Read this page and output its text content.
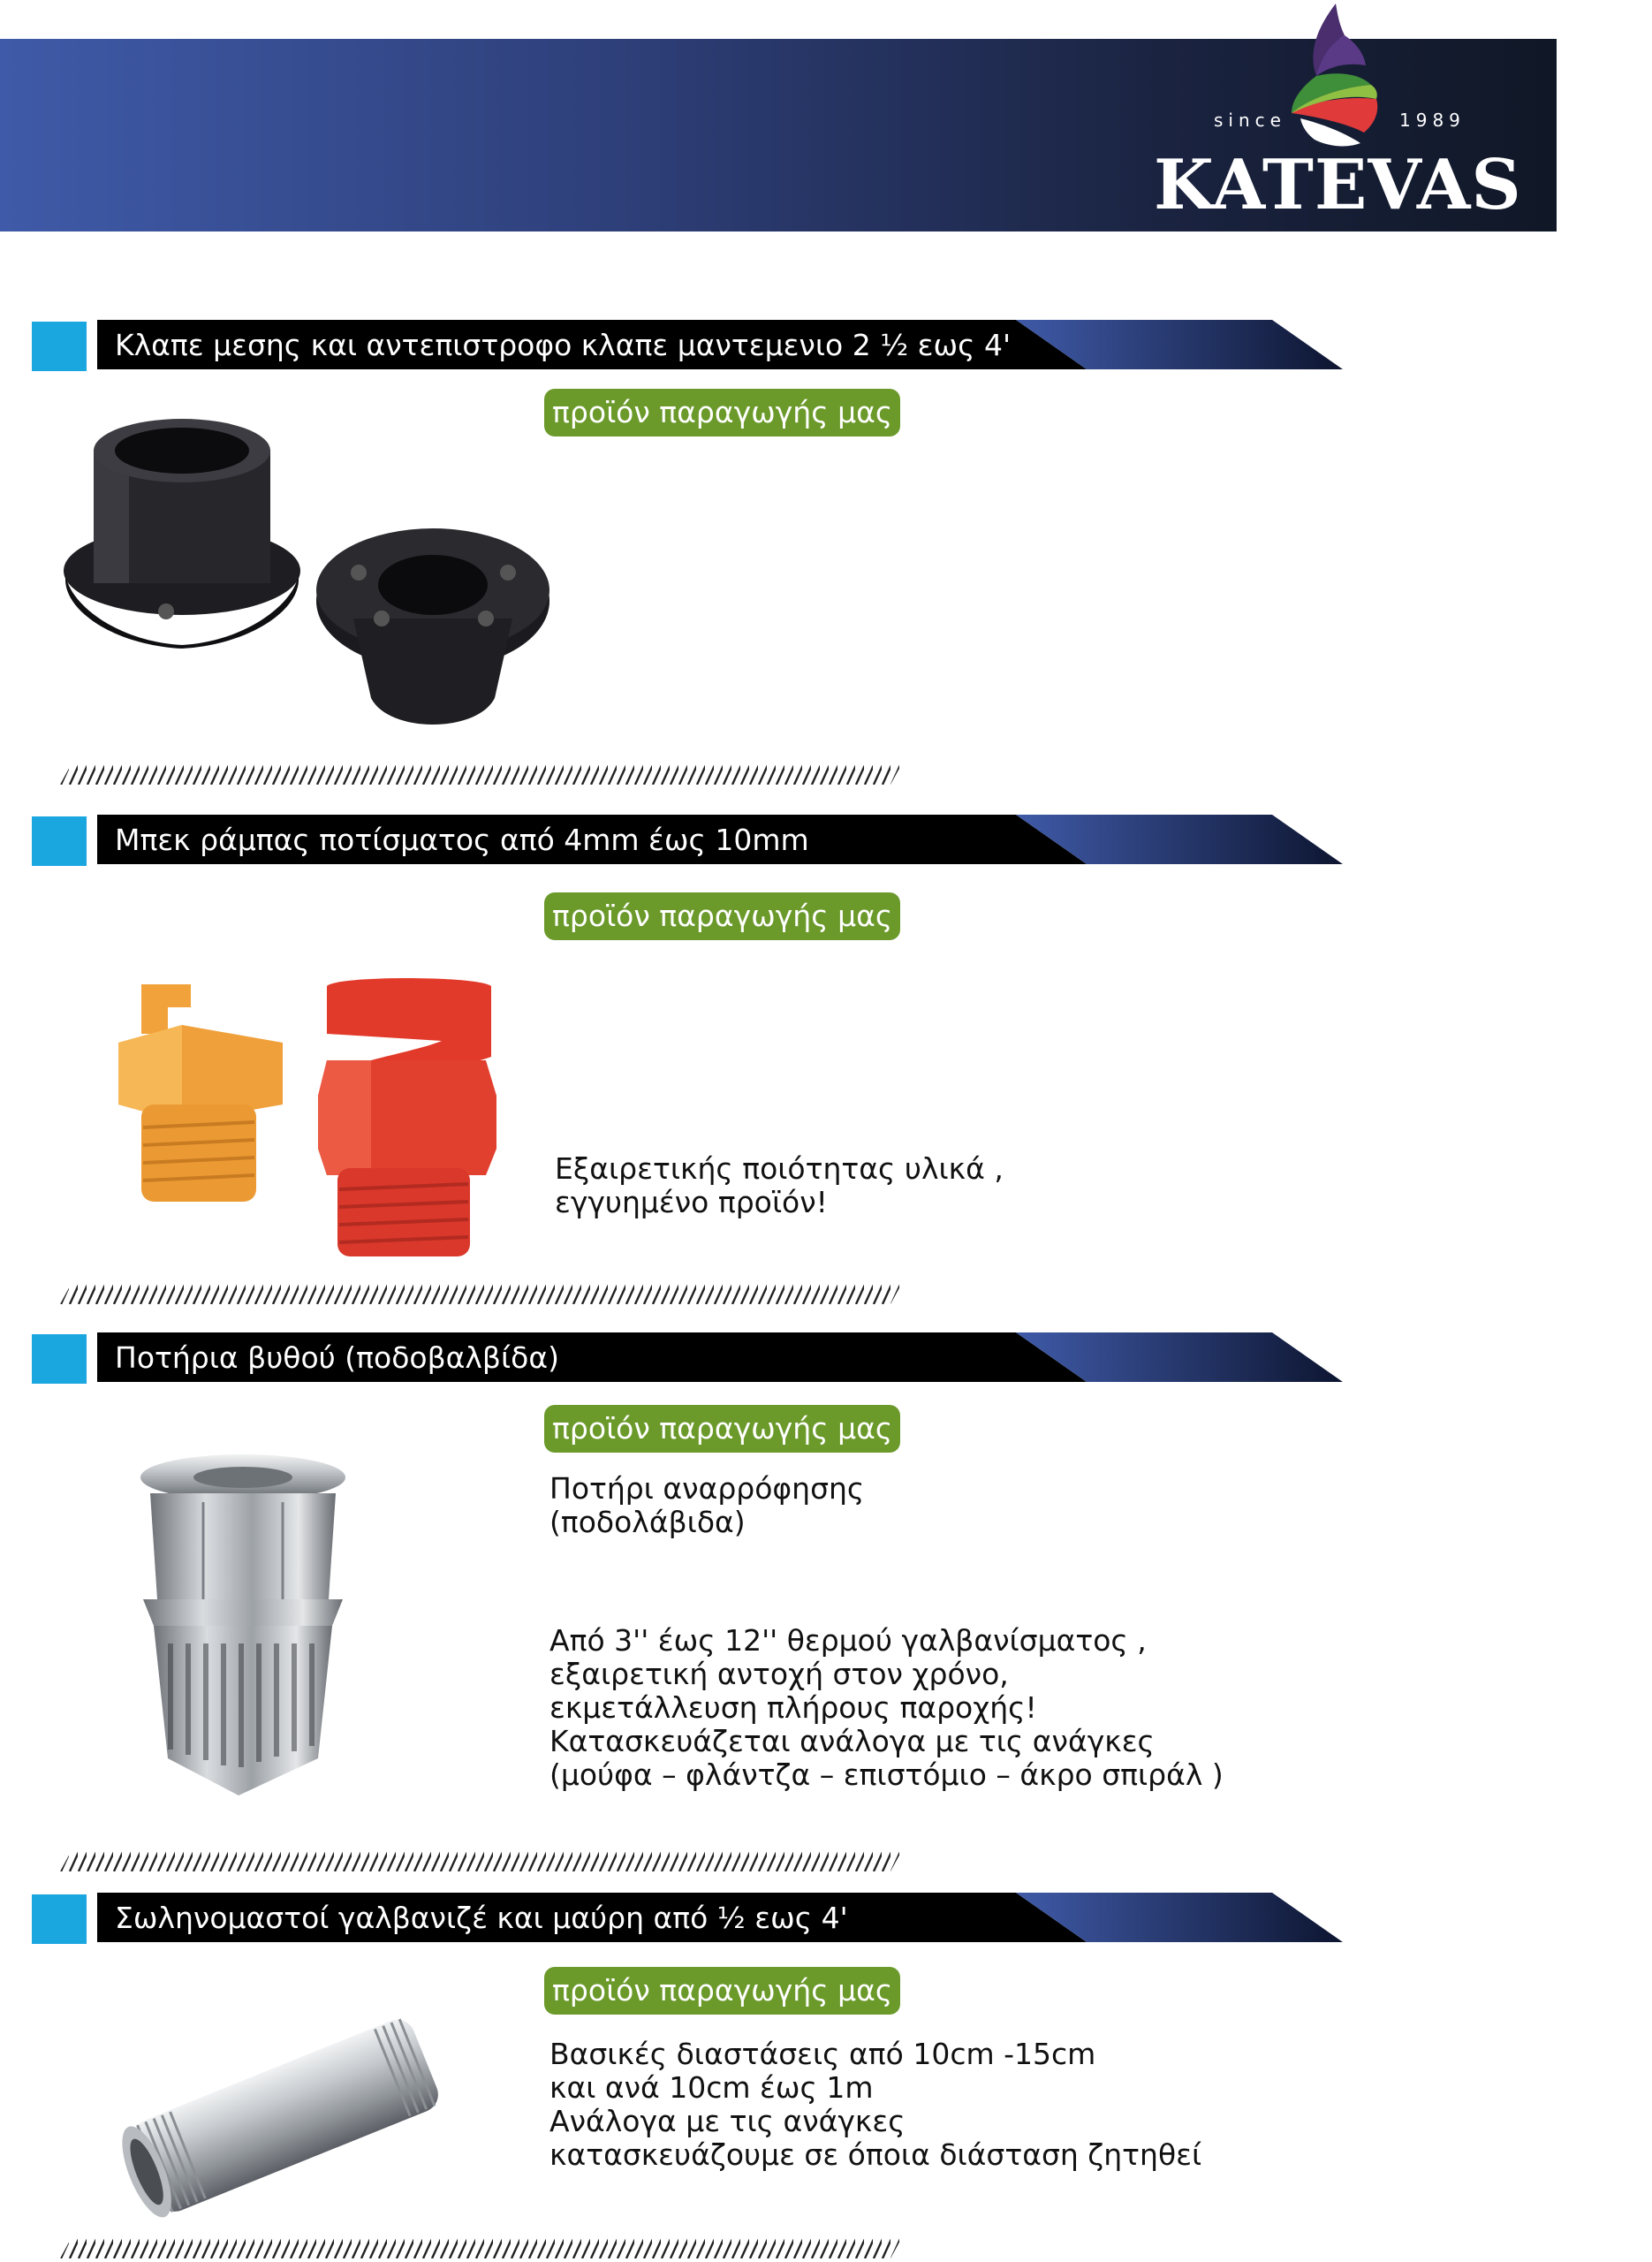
since	1989
KATEVAS
Κλαπε μεσης και αντεπιστροφο κλαπε μαντεμενιο 2 ½ εως 4'
προϊόν παραγωγής μας
Μπεκ ράμπας ποτίσματος από 4mm έως 10mm
προϊόν παραγωγής μας
Εξαιρετικής ποιότητας υλικά ,
εγγυημένο προϊόν!
Ποτήρια βυθού (ποδοβαλβίδα)
προϊόν παραγωγής μας
Ποτήρι αναρρόφησης
(ποδολάβιδα)
Από 3'' έως 12'' θερμού γαλβανίσματος ,
εξαιρετική αντοχή στον χρόνο,
εκμετάλλευση πλήρους παροχής!
Κατασκευάζεται ανάλογα με τις ανάγκες
(μούφα – φλάντζα – επιστόμιο – άκρο σπιράλ )
Σωληνομαστοί γαλβανιζέ και μαύρη από ½ εως 4'
προϊόν παραγωγής μας
Βασικές διαστάσεις από 10cm -15cm
και ανά 10cm έως 1m
Ανάλογα με τις ανάγκες
κατασκευάζουμε σε όποια διάσταση ζητηθεί
